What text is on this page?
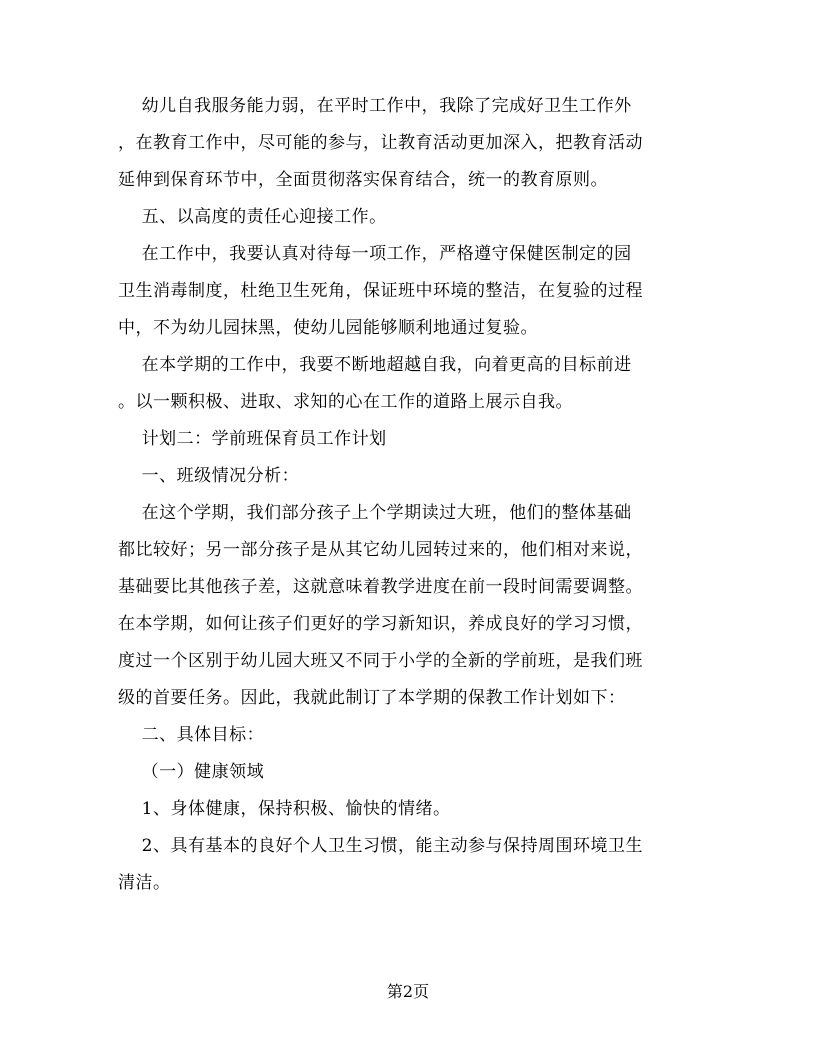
幼儿自我服务能力弱，在平时工作中，我除了完成好卫生工作外
，在教育工作中，尽可能的参与，让教育活动更加深入，把教育活动
延伸到保育环节中，全面贯彻落实保育结合，统一的教育原则。

五、以高度的责任心迎接工作。

在工作中，我要认真对待每一项工作，严格遵守保健医制定的园
卫生消毒制度，杜绝卫生死角，保证班中环境的整洁，在复验的过程
中，不为幼儿园抹黑，使幼儿园能够顺利地通过复验。

在本学期的工作中，我要不断地超越自我，向着更高的目标前进
。以一颗积极、进取、求知的心在工作的道路上展示自我。

计划二：学前班保育员工作计划

一、班级情况分析：

在这个学期，我们部分孩子上个学期读过大班，他们的整体基础
都比较好；另一部分孩子是从其它幼儿园转过来的，他们相对来说，
基础要比其他孩子差，这就意味着教学进度在前一段时间需要调整。
在本学期，如何让孩子们更好的学习新知识，养成良好的学习习惯，
度过一个区别于幼儿园大班又不同于小学的全新的学前班，是我们班
级的首要任务。因此，我就此制订了本学期的保教工作计划如下：

二、具体目标：

（一）健康领域

1、身体健康，保持积极、愉快的情绪。

2、具有基本的良好个人卫生习惯，能主动参与保持周围环境卫生
清洁。

第2页
